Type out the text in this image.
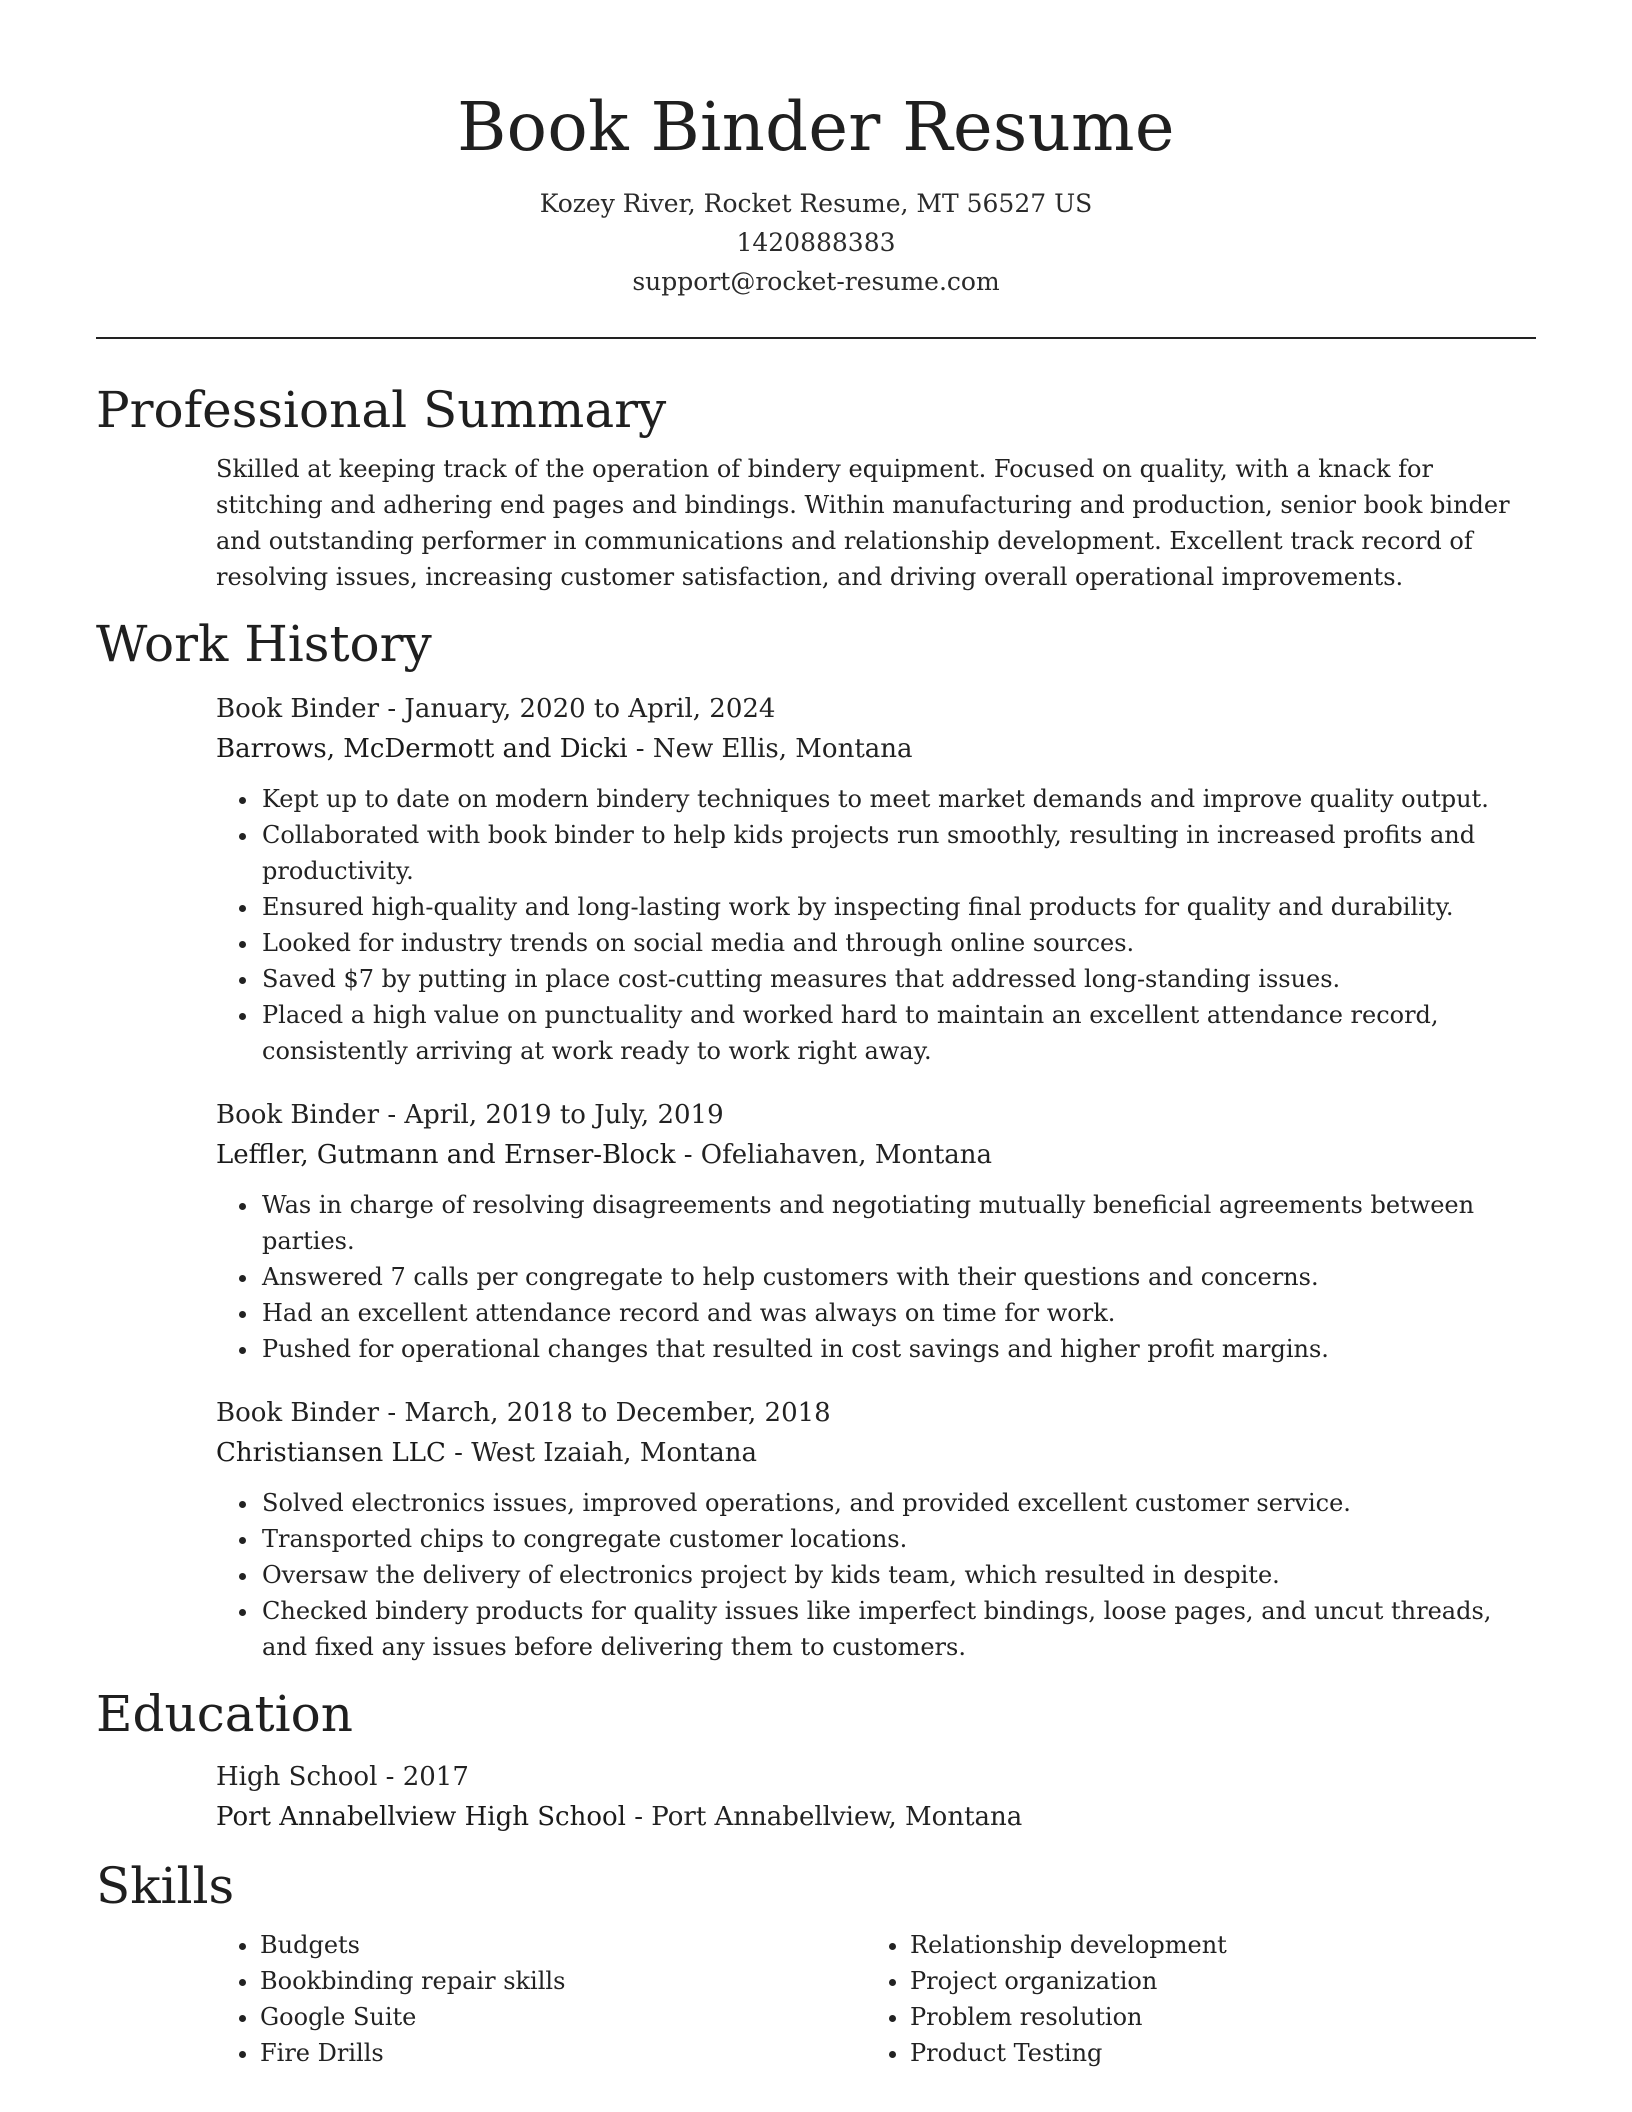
Book Binder Resume
Kozey River, Rocket Resume, MT 56527 US
1420888383
support@rocket-resume.com
Professional Summary
Skilled at keeping track of the operation of bindery equipment. Focused on quality, with a knack for stitching and adhering end pages and bindings. Within manufacturing and production, senior book binder and outstanding performer in communications and relationship development. Excellent track record of resolving issues, increasing customer satisfaction, and driving overall operational improvements.
Work History
Book Binder - January, 2020 to April, 2024
Barrows, McDermott and Dicki - New Ellis, Montana
• Kept up to date on modern bindery techniques to meet market demands and improve quality output.
• Collaborated with book binder to help kids projects run smoothly, resulting in increased profits and productivity.
• Ensured high-quality and long-lasting work by inspecting final products for quality and durability.
• Looked for industry trends on social media and through online sources.
• Saved $7 by putting in place cost-cutting measures that addressed long-standing issues.
• Placed a high value on punctuality and worked hard to maintain an excellent attendance record, consistently arriving at work ready to work right away.
Book Binder - April, 2019 to July, 2019
Leffler, Gutmann and Ernser-Block - Ofeliahaven, Montana
• Was in charge of resolving disagreements and negotiating mutually beneficial agreements between parties.
• Answered 7 calls per congregate to help customers with their questions and concerns.
• Had an excellent attendance record and was always on time for work.
• Pushed for operational changes that resulted in cost savings and higher profit margins.
Book Binder - March, 2018 to December, 2018
Christiansen LLC - West Izaiah, Montana
• Solved electronics issues, improved operations, and provided excellent customer service.
• Transported chips to congregate customer locations.
• Oversaw the delivery of electronics project by kids team, which resulted in despite.
• Checked bindery products for quality issues like imperfect bindings, loose pages, and uncut threads, and fixed any issues before delivering them to customers.
Education
High School - 2017
Port Annabellview High School - Port Annabellview, Montana
Skills
• Budgets
• Bookbinding repair skills
• Google Suite
• Fire Drills
• Relationship development
• Project organization
• Problem resolution
• Product Testing
